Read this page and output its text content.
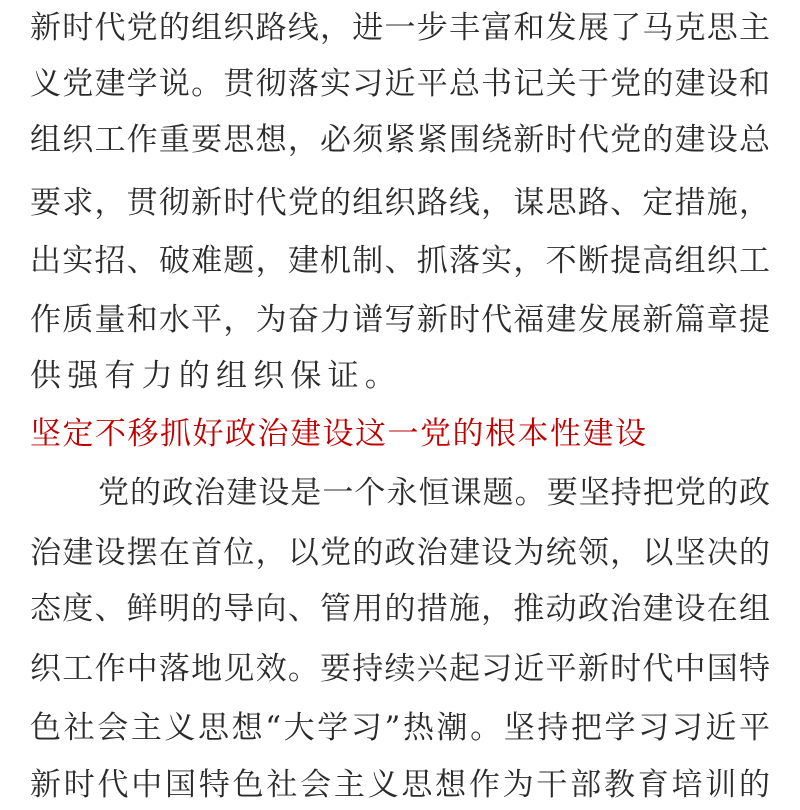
新时代党的组织路线，进一步丰富和发展了马克思主
义党建学说。贯彻落实习近平总书记关于党的建设和
组织工作重要思想，必须紧紧围绕新时代党的建设总
要求，贯彻新时代党的组织路线，谋思路、定措施，
出实招、破难题，建机制、抓落实，不断提高组织工
作质量和水平，为奋力谱写新时代福建发展新篇章提
供强有力的组织保证。
坚定不移抓好政治建设这一党的根本性建设
党的政治建设是一个永恒课题。要坚持把党的政
治建设摆在首位，以党的政治建设为统领，以坚决的
态度、鲜明的导向、管用的措施，推动政治建设在组
织工作中落地见效。要持续兴起习近平新时代中国特
色社会主义思想“大学习”热潮。坚持把学习习近平
新时代中国特色社会主义思想作为干部教育培训的
